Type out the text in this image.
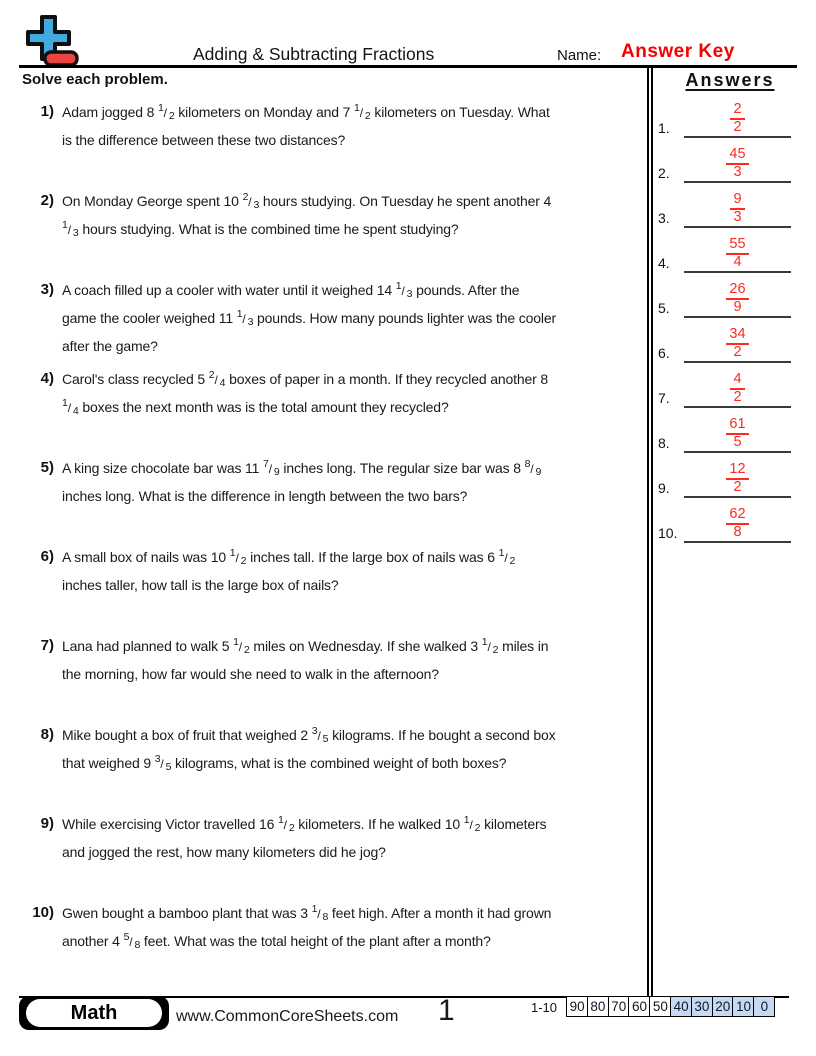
Adding & Subtracting Fractions	Name: Answer Key
Solve each problem.
1) Adam jogged 8 $^1$/ 2 kilometers on Monday and 7 $^1$/ 2 kilometers on Tuesday. What
is the difference between these two distances?
2) On Monday George spent 10 $^2$/ 3 hours studying. On Tuesday he spent another 4
$^1$/ 3 hours studying. What is the combined time he spent studying?
3) A coach filled up a cooler with water until it weighed 14 $^1$/ 3 pounds. After the
game the cooler weighed 11 $^1$/ 3 pounds. How many pounds lighter was the cooler
after the game?
4) Carol's class recycled 5 $^2$/ 4 boxes of paper in a month. If they recycled another 8
$^1$/ 4 boxes the next month was is the total amount they recycled?
5) A king size chocolate bar was 11 $^7$/ 9 inches long. The regular size bar was 8 $^8$/ 9
inches long. What is the difference in length between the two bars?
6) A small box of nails was 10 $^1$/ 2 inches tall. If the large box of nails was 6 $^1$/ 2
inches taller, how tall is the large box of nails?
7) Lana had planned to walk 5 $^1$/ 2 miles on Wednesday. If she walked 3 $^1$/ 2 miles in
the morning, how far would she need to walk in the afternoon?
8) Mike bought a box of fruit that weighed 2 $^3$/ 5 kilograms. If he bought a second box
that weighed 9 $^3$/ 5 kilograms, what is the combined weight of both boxes?
9) While exercising Victor travelled 16 $^1$/ 2 kilometers. If he walked 10 $^1$/ 2 kilometers
and jogged the rest, how many kilometers did he jog?
10) Gwen bought a bamboo plant that was 3 $^1$/ 8 feet high. After a month it had grown
another 4 $^5$/ 8 feet. What was the total height of the plant after a month?
Answers
1. $\frac{2}{2}$
2. $\frac{45}{3}$
3. $\frac{9}{3}$
4. $\frac{55}{4}$
5. $\frac{26}{9}$
6. $\frac{34}{2}$
7. $\frac{4}{2}$
8. $\frac{61}{5}$
9. $\frac{12}{2}$
10. $\frac{62}{8}$
Math	www.CommonCoreSheets.com 1	1-10 90 80 70 60 50 40 30 20 10 0
